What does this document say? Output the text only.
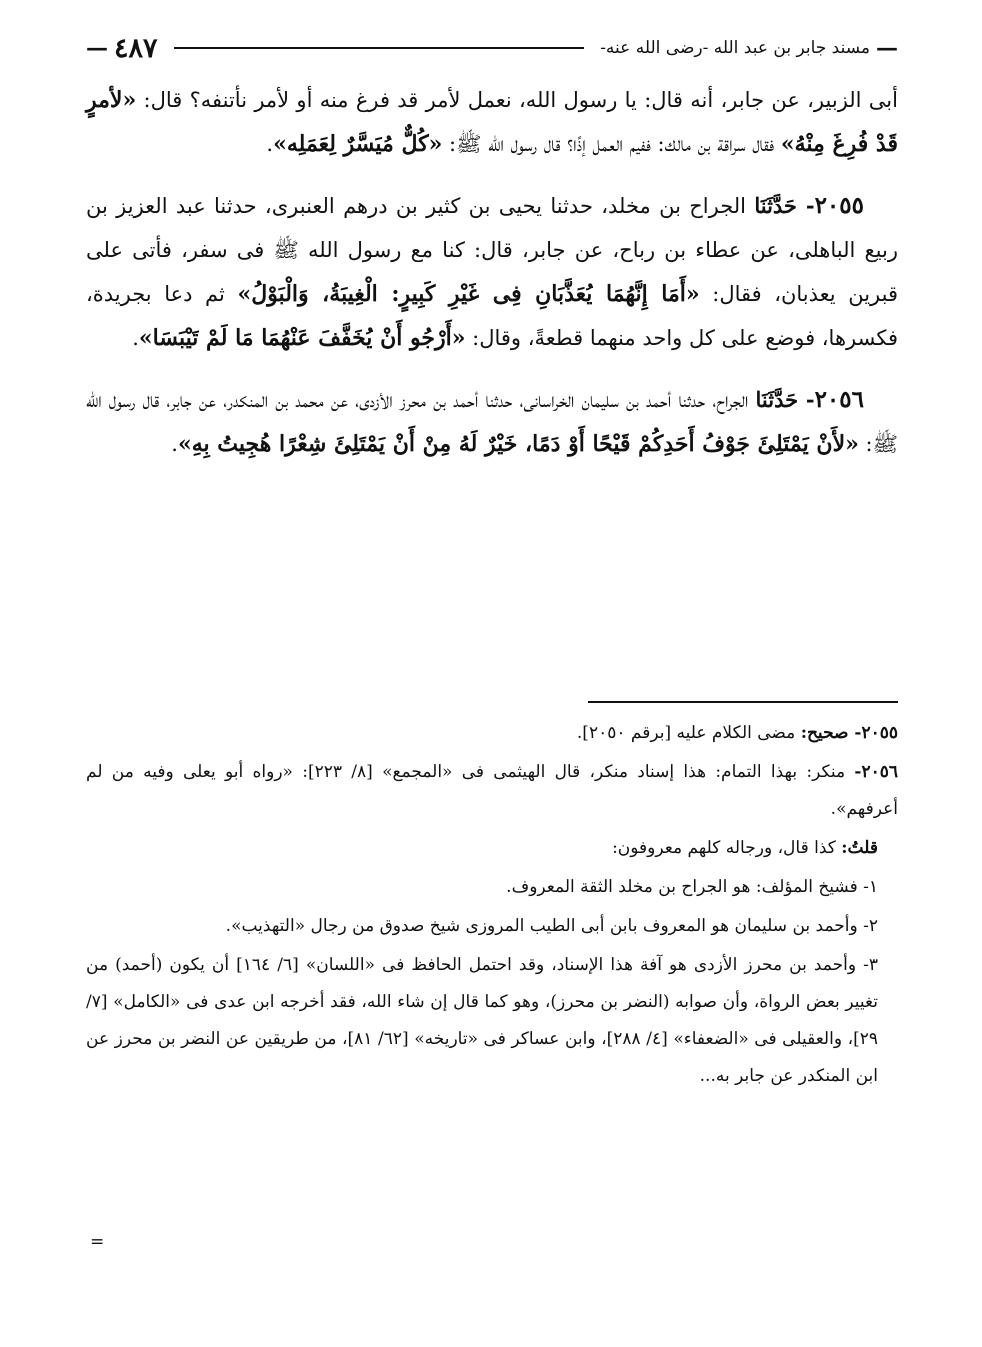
—
مسند جابر بن عبد الله -رضى الله عنه-
٤٨٧
—

أبى الزبير، عن جابر، أنه قال: يا رسول الله، نعمل لأمر قد فرغ منه أو لأمر نأتنفه؟ قال: «لأمرٍ قَدْ فُرِغَ مِنْهُ» فقال سراقة بن مالك: ففيم العمل إذًا؟ قال رسول الله ﷺ: «كُلٌّ مُيَسَّرٌ لِعَمَلِه».

٢٠٥٥- حَدَّثَنَا الجراح بن مخلد، حدثنا يحيى بن كثير بن درهم العنبرى، حدثنا عبد العزيز بن ربيع الباهلى، عن عطاء بن رباح، عن جابر، قال: كنا مع رسول الله ﷺ فى سفر، فأتى على قبرين يعذبان، فقال: «أَمَا إِنَّهُمَا يُعَذَّبَانِ فِى غَيْرِ كَبِيرٍ: الْغِيبَةُ، وَالْبَوْلُ» ثم دعا بجريدة، فكسرها، فوضع على كل واحد منهما قطعةً، وقال: «أَرْجُو أَنْ يُخَفَّفَ عَنْهُمَا مَا لَمْ تَيْبَسَا».

٢٠٥٦- حَدَّثَنَا الجراح، حدثنا أحمد بن سليمان الخراسانى، حدثنا أحمد بن محرز الأزدى، عن محمد بن المنكدر، عن جابر، قال رسول الله ﷺ: «لأَنْ يَمْتَلِئَ جَوْفُ أَحَدِكُمْ قَيْحًا أَوْ دَمًا، خَيْرٌ لَهُ مِنْ أَنْ يَمْتَلِئَ شِعْرًا هُجِيتُ بِهِ».

٢٠٥٥- صحيح: مضى الكلام عليه [برقم ٢٠٥٠].

٢٠٥٦- منكر: بهذا التمام: هذا إسناد منكر، قال الهيثمى فى «المجمع» [٨/ ٢٢٣]: «رواه أبو يعلى وفيه من لم أعرفهم».

قلتُ: كذا قال، ورجاله كلهم معروفون:

١- فشيخ المؤلف: هو الجراح بن مخلد الثقة المعروف.

٢- وأحمد بن سليمان هو المعروف بابن أبى الطيب المروزى شيخ صدوق من رجال «التهذيب».

٣- وأحمد بن محرز الأزدى هو آفة هذا الإسناد، وقد احتمل الحافظ فى «اللسان» [٦/ ١٦٤] أن يكون (أحمد) من تغيير بعض الرواة، وأن صوابه (النضر بن محرز)، وهو كما قال إن شاء الله، فقد أخرجه ابن عدى فى «الكامل» [٧/ ٢٩]، والعقيلى فى «الضعفاء» [٤/ ٢٨٨]، وابن عساكر فى «تاريخه» [٦٢/ ٨١]، من طريقين عن النضر بن محرز عن ابن المنكدر عن جابر به...

=
